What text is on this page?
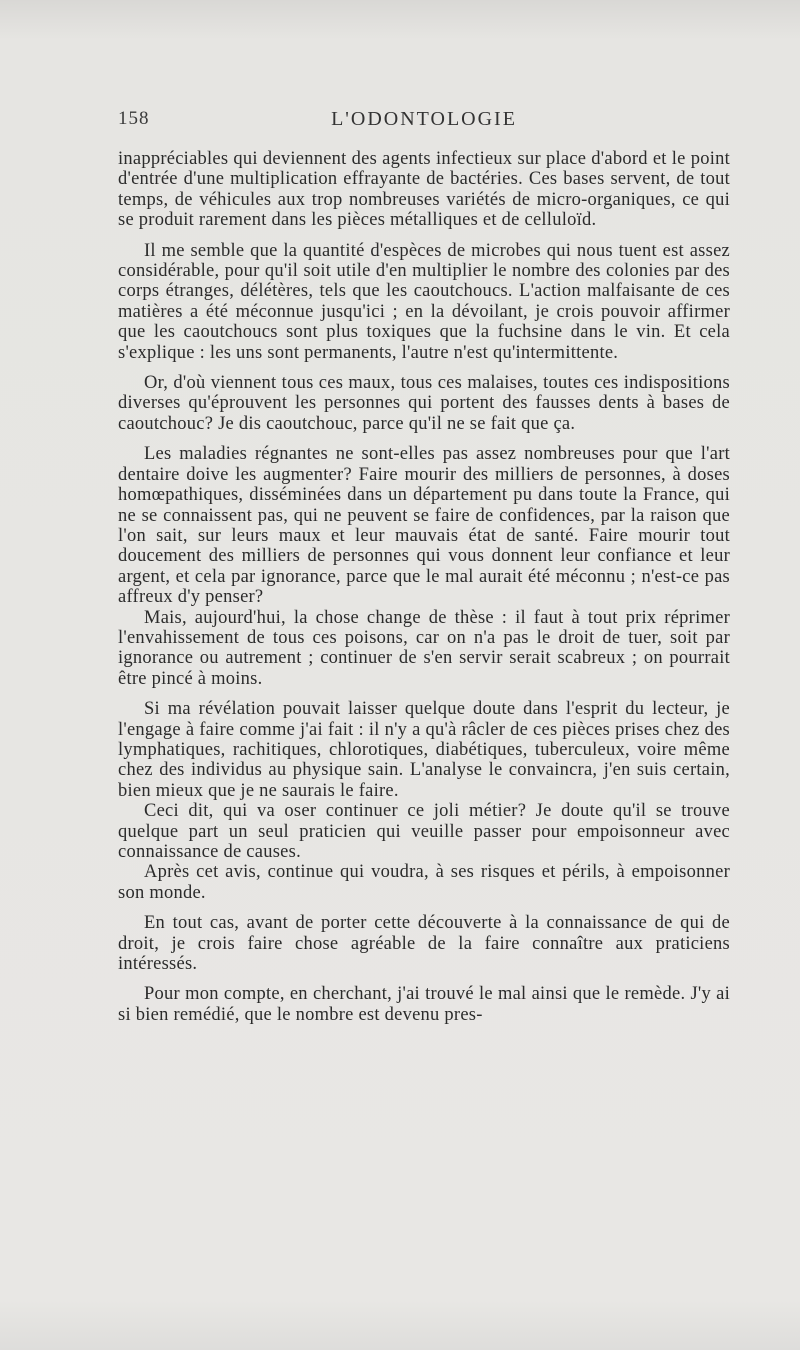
158	L'ODONTOLOGIE

inappréciables qui deviennent des agents infectieux sur place d'abord et le point d'entrée d'une multiplication effrayante de bactéries. Ces bases servent, de tout temps, de véhicules aux trop nombreuses variétés de micro-organiques, ce qui se produit rarement dans les pièces métalliques et de celluloïd.

Il me semble que la quantité d'espèces de microbes qui nous tuent est assez considérable, pour qu'il soit utile d'en multiplier le nombre des colonies par des corps étranges, délétères, tels que les caoutchoucs. L'action malfaisante de ces matières a été méconnue jusqu'ici ; en la dévoilant, je crois pouvoir affirmer que les caoutchoucs sont plus toxiques que la fuchsine dans le vin. Et cela s'explique : les uns sont permanents, l'autre n'est qu'intermittente.

Or, d'où viennent tous ces maux, tous ces malaises, toutes ces indispositions diverses qu'éprouvent les personnes qui portent des fausses dents à bases de caoutchouc? Je dis caoutchouc, parce qu'il ne se fait que ça.

Les maladies régnantes ne sont-elles pas assez nombreuses pour que l'art dentaire doive les augmenter? Faire mourir des milliers de personnes, à doses homœpathiques, disséminées dans un département pu dans toute la France, qui ne se connaissent pas, qui ne peuvent se faire de confidences, par la raison que l'on sait, sur leurs maux et leur mauvais état de santé. Faire mourir tout doucement des milliers de personnes qui vous donnent leur confiance et leur argent, et cela par ignorance, parce que le mal aurait été méconnu ; n'est-ce pas affreux d'y penser?

Mais, aujourd'hui, la chose change de thèse : il faut à tout prix réprimer l'envahissement de tous ces poisons, car on n'a pas le droit de tuer, soit par ignorance ou autrement ; continuer de s'en servir serait scabreux ; on pourrait être pincé à moins.

Si ma révélation pouvait laisser quelque doute dans l'esprit du lecteur, je l'engage à faire comme j'ai fait : il n'y a qu'à râcler de ces pièces prises chez des lymphatiques, rachitiques, chlorotiques, diabétiques, tuberculeux, voire même chez des individus au physique sain. L'analyse le convaincra, j'en suis certain, bien mieux que je ne saurais le faire.

Ceci dit, qui va oser continuer ce joli métier? Je doute qu'il se trouve quelque part un seul praticien qui veuille passer pour empoisonneur avec connaissance de causes.

Après cet avis, continue qui voudra, à ses risques et périls, à empoisonner son monde.

En tout cas, avant de porter cette découverte à la connaissance de qui de droit, je crois faire chose agréable de la faire connaître aux praticiens intéressés.

Pour mon compte, en cherchant, j'ai trouvé le mal ainsi que le remède. J'y ai si bien remédié, que le nombre est devenu pres-
